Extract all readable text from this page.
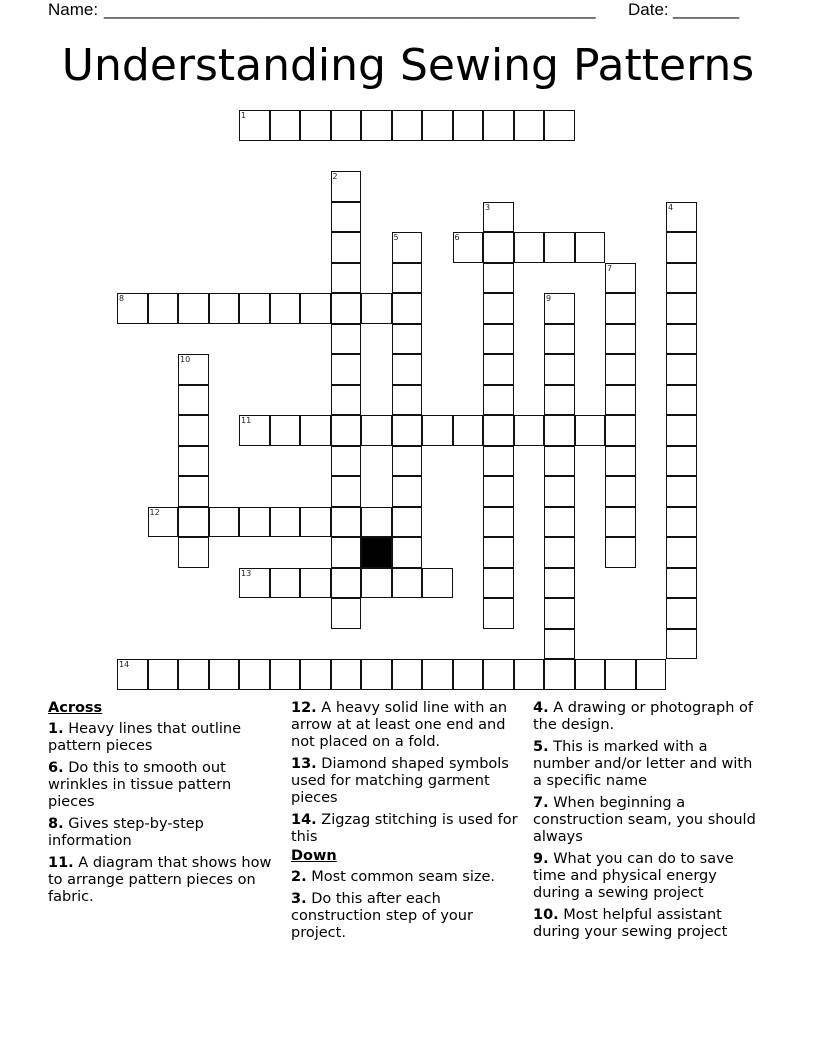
Name: ____________________________________________________ Date: _______
Understanding Sewing Patterns
1
2
3	4
5	6
7
8	9
10
11
12
13
14
Across
1. Heavy lines that outline pattern pieces
6. Do this to smooth out wrinkles in tissue pattern pieces
8. Gives step-by-step information
11. A diagram that shows how to arrange pattern pieces on fabric.
12. A heavy solid line with an arrow at at least one end and not placed on a fold.
13. Diamond shaped symbols used for matching garment pieces
14. Zigzag stitching is used for this
Down
2. Most common seam size.
3. Do this after each construction step of your project.
4. A drawing or photograph of the design.
5. This is marked with a number and/or letter and with a specific name
7. When beginning a construction seam, you should always
9. What you can do to save time and physical energy during a sewing project
10. Most helpful assistant during your sewing project
